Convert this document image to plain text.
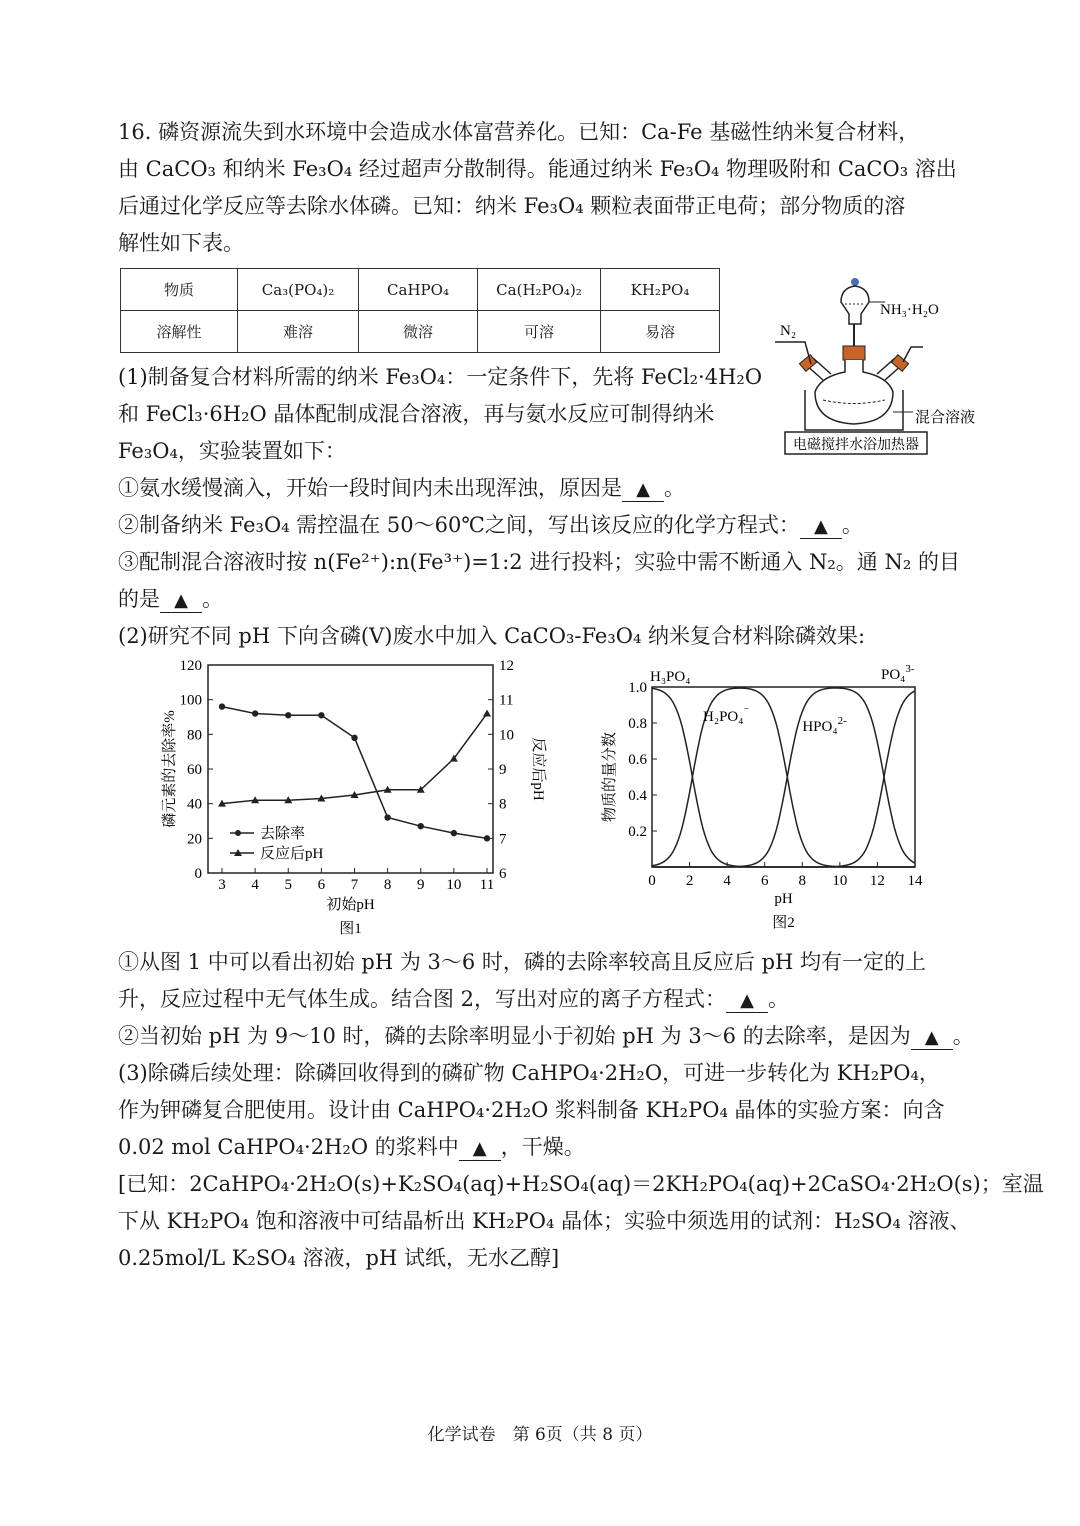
16. 磷资源流失到水环境中会造成水体富营养化。已知：Ca-Fe 基磁性纳米复合材料，
由 CaCO₃ 和纳米 Fe₃O₄ 经过超声分散制得。能通过纳米 Fe₃O₄ 物理吸附和 CaCO₃ 溶出
后通过化学反应等去除水体磷。已知：纳米 Fe₃O₄ 颗粒表面带正电荷；部分物质的溶
解性如下表。
物质	Ca₃(PO₄)₂	CaHPO₄	Ca(H₂PO₄)₂	KH₂PO₄
溶解性	难溶	微溶	可溶	易溶
NH₃·H₂O
N₂
混合溶液
电磁搅拌水浴加热器
(1)制备复合材料所需的纳米 Fe₃O₄：一定条件下，先将 FeCl₂·4H₂O
和 FeCl₃·6H₂O 晶体配制成混合溶液，再与氨水反应可制得纳米
Fe₃O₄，实验装置如下：
①氨水缓慢滴入，开始一段时间内未出现浑浊，原因是 ▲ 。
②制备纳米 Fe₃O₄ 需控温在 50～60℃之间，写出该反应的化学方程式： ▲ 。
③配制混合溶液时按 n(Fe²⁺):n(Fe³⁺)=1:2 进行投料；实验中需不断通入 N₂。通 N₂ 的目
的是 ▲ 。
(2)研究不同 pH 下向含磷(V)废水中加入 CaCO₃-Fe₃O₄ 纳米复合材料除磷效果:
0
20
40
60
80
100
120
6
7
8
9
10
11
12
3 4 5 6 7 8 9 10 11
初始pH
图1
磷元素的去除率%	反应后pH
去除率
反应后pH
0 2 4 6 8 10 12 14
0.2
0.4
0.6
0.8
1.0
pH
图2
物质的量分数
H₃PO₄
H₂PO₄⁻
HPO₄$^{2-}$
PO₄$^{3-}$
①从图 1 中可以看出初始 pH 为 3～6 时，磷的去除率较高且反应后 pH 均有一定的上
升，反应过程中无气体生成。结合图 2，写出对应的离子方程式： ▲ 。
②当初始 pH 为 9～10 时，磷的去除率明显小于初始 pH 为 3～6 的去除率，是因为 ▲ 。
(3)除磷后续处理：除磷回收得到的磷矿物 CaHPO₄·2H₂O，可进一步转化为 KH₂PO₄，
作为钾磷复合肥使用。设计由 CaHPO₄·2H₂O 浆料制备 KH₂PO₄ 晶体的实验方案：向含
0.02 mol CaHPO₄·2H₂O 的浆料中 ▲ ，干燥。
[已知：2CaHPO₄·2H₂O(s)+K₂SO₄(aq)+H₂SO₄(aq)＝2KH₂PO₄(aq)+2CaSO₄·2H₂O(s)；室温
下从 KH₂PO₄ 饱和溶液中可结晶析出 KH₂PO₄ 晶体；实验中须选用的试剂：H₂SO₄ 溶液、
0.25mol/L K₂SO₄ 溶液，pH 试纸，无水乙醇]
化学试卷　第 6页（共 8 页）
